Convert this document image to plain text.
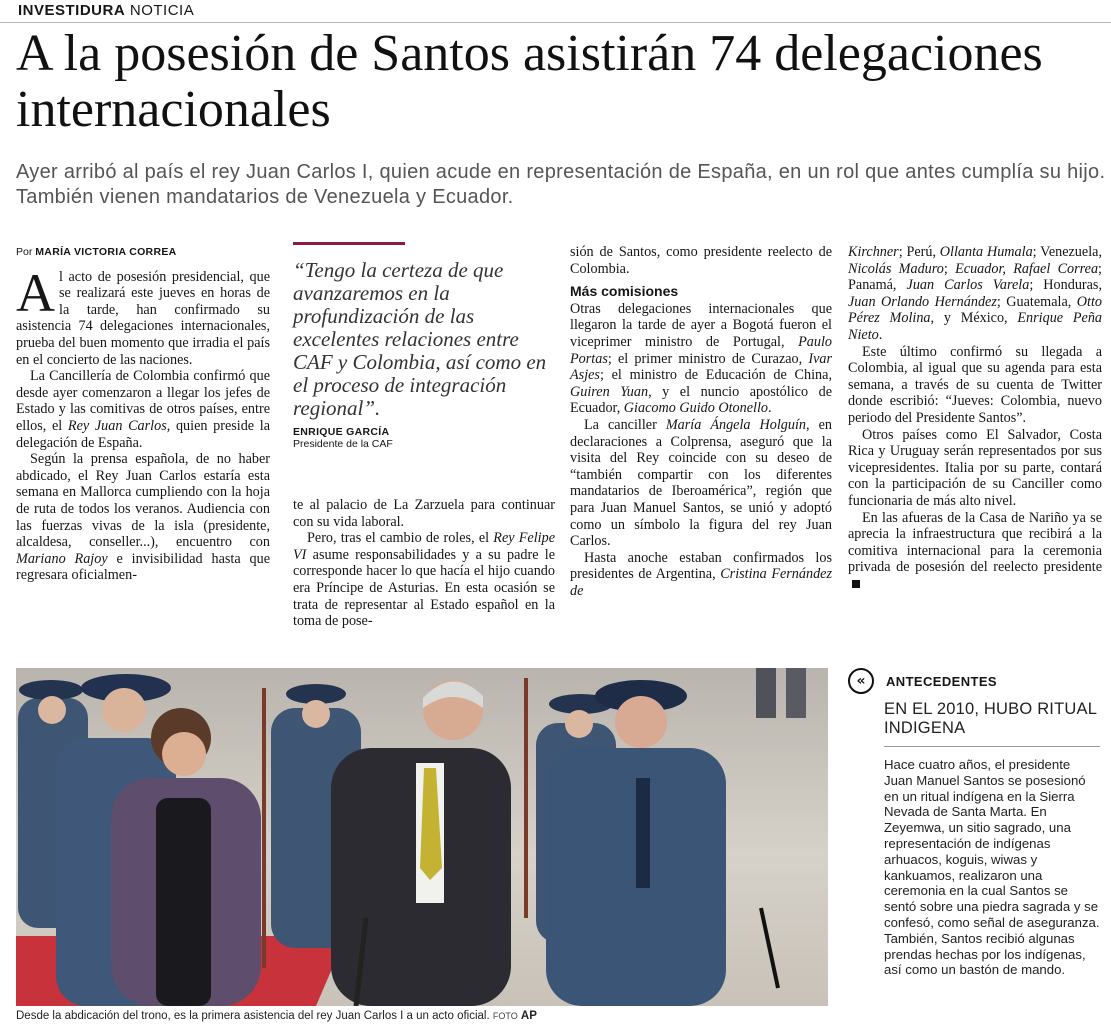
INVESTIDURA NOTICIA
A la posesión de Santos asistirán 74 delegaciones internacionales

Ayer arribó al país el rey Juan Carlos I, quien acude en representación de España, en un rol que antes cumplía su hijo. También vienen mandatarios de Venezuela y Ecuador.

Por MARÍA VICTORIA CORREA

Al acto de posesión presidencial, que se realizará este jueves en horas de la tarde, han confirmado su asistencia 74 delegaciones internacionales, prueba del buen momento que irradia el país en el concierto de las naciones.

La Cancillería de Colombia confirmó que desde ayer comenzaron a llegar los jefes de Estado y las comitivas de otros países, entre ellos, el Rey Juan Carlos, quien preside la delegación de España.

Según la prensa española, de no haber abdicado, el Rey Juan Carlos estaría esta semana en Mallorca cumpliendo con la hoja de ruta de todos los veranos. Audiencia con las fuerzas vivas de la isla (presidente, alcaldesa, conseller...), encuentro con Mariano Rajoy e invisibilidad hasta que regresara oficialmen-

“Tengo la certeza de que avanzaremos en la profundización de las excelentes relaciones entre CAF y Colombia, así como en el proceso de integración regional”.
ENRIQUE GARCÍA
Presidente de la CAF

te al palacio de La Zarzuela para continuar con su vida laboral.

Pero, tras el cambio de roles, el Rey Felipe VI asume responsabilidades y a su padre le corresponde hacer lo que hacía el hijo cuando era Príncipe de Asturias. En esta ocasión se trata de representar al Estado español en la toma de pose-

sión de Santos, como presidente reelecto de Colombia.

Más comisiones

Otras delegaciones internacionales que llegaron la tarde de ayer a Bogotá fueron el viceprimer ministro de Portugal, Paulo Portas; el primer ministro de Curazao, Ivar Asjes; el ministro de Educación de China, Guiren Yuan, y el nuncio apostólico de Ecuador, Giacomo Guido Otonello.

La canciller María Ángela Holguín, en declaraciones a Colprensa, aseguró que la visita del Rey coincide con su deseo de “también compartir con los diferentes mandatarios de Iberoamérica”, región que para Juan Manuel Santos, se unió y adoptó como un símbolo la figura del rey Juan Carlos.

Hasta anoche estaban confirmados los presidentes de Argentina, Cristina Fernández de

Kirchner; Perú, Ollanta Humala; Venezuela, Nicolás Maduro; Ecuador, Rafael Correa; Panamá, Juan Carlos Varela; Honduras, Juan Orlando Hernández; Guatemala, Otto Pérez Molina, y México, Enrique Peña Nieto.

Este último confirmó su llegada a Colombia, al igual que su agenda para esta semana, a través de su cuenta de Twitter donde escribió: “Jueves: Colombia, nuevo periodo del Presidente Santos”.

Otros países como El Salvador, Costa Rica y Uruguay serán representados por sus vicepresidentes. Italia por su parte, contará con la participación de su Canciller como funcionaria de más alto nivel.

En las afueras de la Casa de Nariño ya se aprecia la infraestructura que recibirá a la comitiva internacional para la ceremonia privada de posesión del reelecto presidente

Desde la abdicación del trono, es la primera asistencia del rey Juan Carlos I a un acto oficial. FOTO AP
«	ANTECEDENTES
EN EL 2010, HUBO RITUAL INDIGENA
Hace cuatro años, el presidente Juan Manuel Santos se posesionó en un ritual indígena en la Sierra Nevada de Santa Marta. En Zeyemwa, un sitio sagrado, una representación de indígenas arhuacos, koguis, wiwas y kankuamos, realizaron una ceremonia en la cual Santos se sentó sobre una piedra sagrada y se confesó, como señal de aseguranza. También, Santos recibió algunas prendas hechas por los indígenas, así como un bastón de mando.
